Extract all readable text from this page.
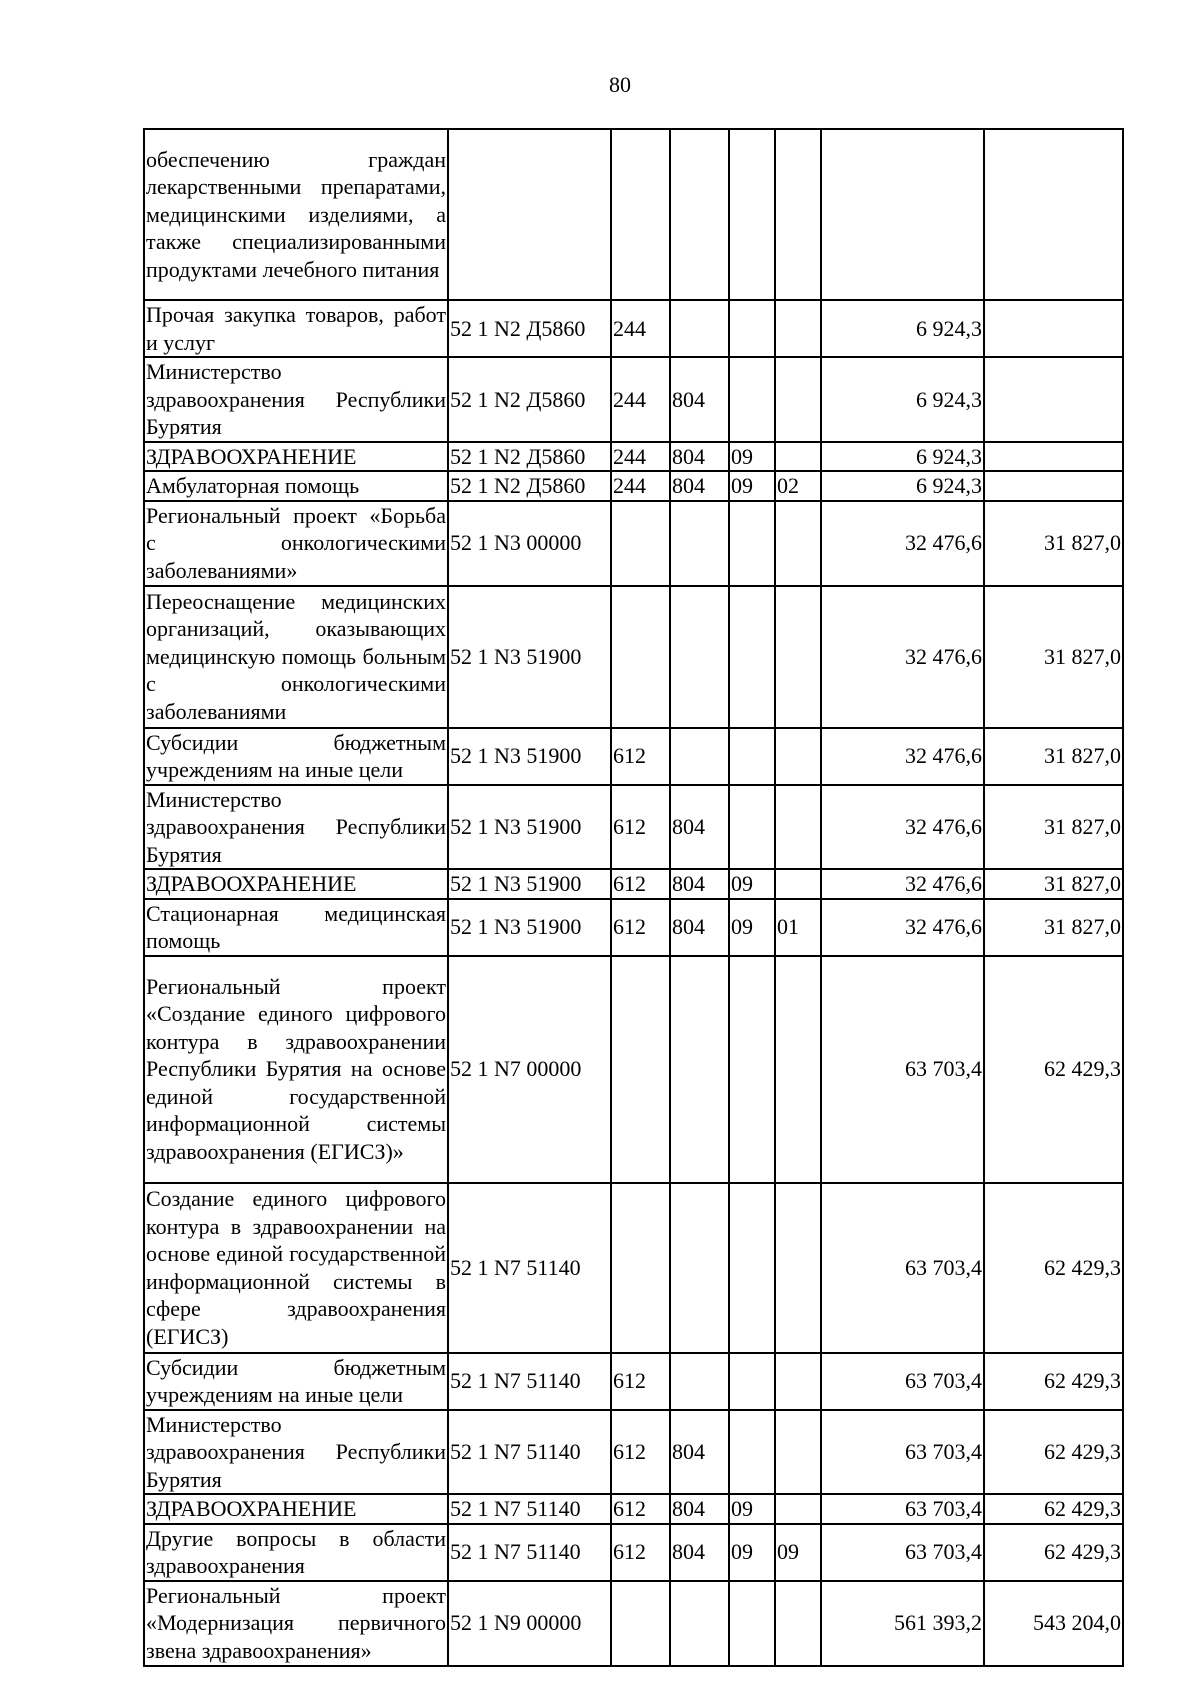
80
обеспечению граждан лекарственными препаратами, медицинскими изделиями, а также специализированными продуктами лечебного питания							
Прочая закупка товаров, работ и услуг	52 1 N2 Д5860	244				6 924,3	
Министерство здравоохранения Республики Бурятия	52 1 N2 Д5860	244	804			6 924,3	
ЗДРАВООХРАНЕНИЕ	52 1 N2 Д5860	244	804	09		6 924,3	
Амбулаторная помощь	52 1 N2 Д5860	244	804	09	02	6 924,3	
Региональный проект «Борьба с онкологическими заболеваниями»	52 1 N3 00000					32 476,6	31 827,0
Переоснащение медицинских организаций, оказывающих медицинскую помощь больным с онкологическими заболеваниями	52 1 N3 51900					32 476,6	31 827,0
Субсидии бюджетным учреждениям на иные цели	52 1 N3 51900	612				32 476,6	31 827,0
Министерство здравоохранения Республики Бурятия	52 1 N3 51900	612	804			32 476,6	31 827,0
ЗДРАВООХРАНЕНИЕ	52 1 N3 51900	612	804	09		32 476,6	31 827,0
Стационарная медицинская помощь	52 1 N3 51900	612	804	09	01	32 476,6	31 827,0
Региональный проект «Создание единого цифрового контура в здравоохранении Республики Бурятия на основе единой государственной информационной системы здравоохранения (ЕГИСЗ)»	52 1 N7 00000					63 703,4	62 429,3
Создание единого цифрового контура в здравоохранении на основе единой государственной информационной системы в сфере здравоохранения (ЕГИСЗ)	52 1 N7 51140					63 703,4	62 429,3
Субсидии бюджетным учреждениям на иные цели	52 1 N7 51140	612				63 703,4	62 429,3
Министерство здравоохранения Республики Бурятия	52 1 N7 51140	612	804			63 703,4	62 429,3
ЗДРАВООХРАНЕНИЕ	52 1 N7 51140	612	804	09		63 703,4	62 429,3
Другие вопросы в области здравоохранения	52 1 N7 51140	612	804	09	09	63 703,4	62 429,3
Региональный проект «Модернизация первичного звена здравоохранения»	52 1 N9 00000					561 393,2	543 204,0
